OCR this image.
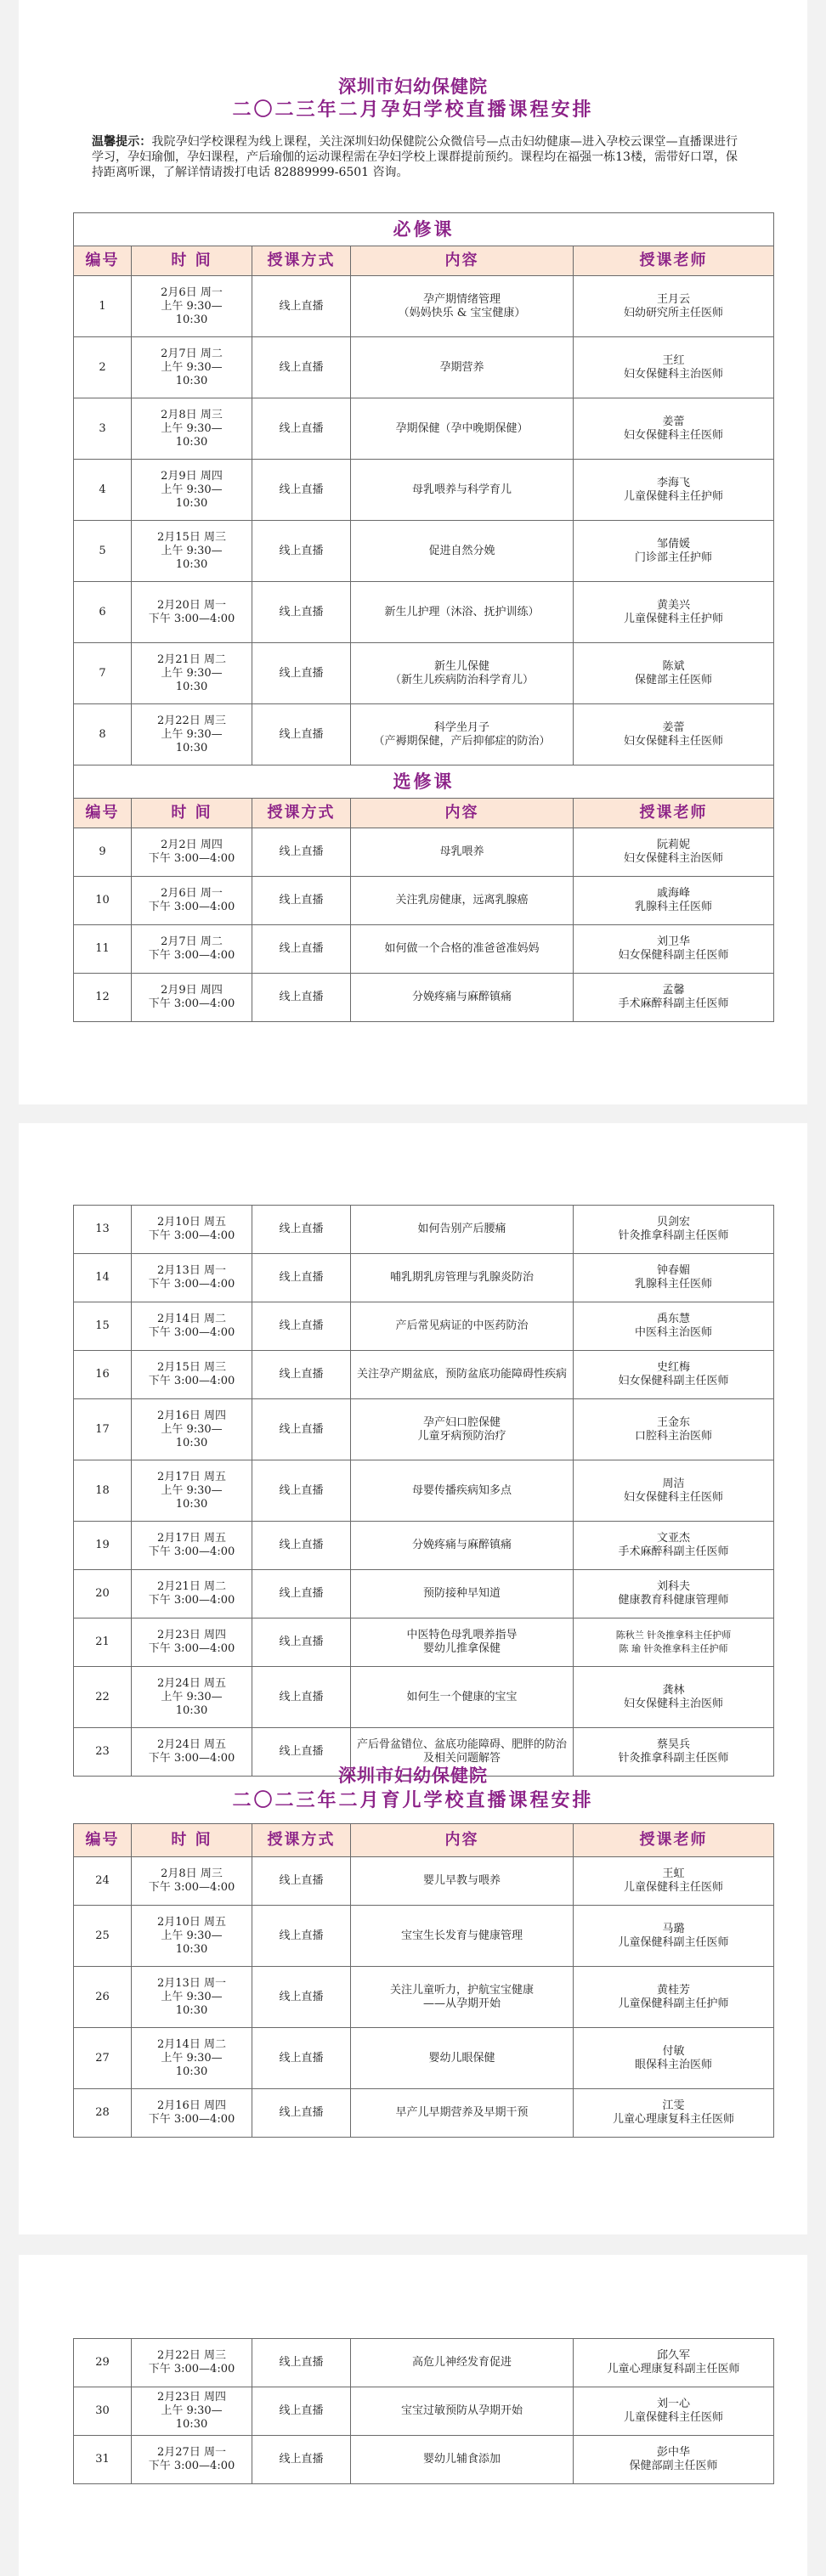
深圳市妇幼保健院
二〇二三年二月孕妇学校直播课程安排

温馨提示：我院孕妇学校课程为线上课程，关注深圳妇幼保健院公众微信号—点击妇幼健康—进入孕校云课堂—直播课进行学习，孕妇瑜伽，孕妇课程，产后瑜伽的运动课程需在孕妇学校上课群提前预约。课程均在福强一栋13楼，需带好口罩，保持距离听课，了解详情请拨打电话 82889999-6501 咨询。

必修课				
编号	时 间	授课方式	内容	授课老师
1	2月6日 周一
上午 9:30—
10:30	线上直播	孕产期情绪管理
（妈妈快乐 & 宝宝健康）	王月云
妇幼研究所主任医师
2	2月7日 周二
上午 9:30—
10:30	线上直播	孕期营养	王红
妇女保健科主治医师
3	2月8日 周三
上午 9:30—
10:30	线上直播	孕期保健（孕中晚期保健）	姜蕾
妇女保健科主任医师
4	2月9日 周四
上午 9:30—
10:30	线上直播	母乳喂养与科学育儿	李海飞
儿童保健科主任护师
5	2月15日 周三
上午 9:30—
10:30	线上直播	促进自然分娩	邹倩媛
门诊部主任护师
6	2月20日 周一
下午 3:00—4:00	线上直播	新生儿护理（沐浴、抚护训练）	黄美兴
儿童保健科主任护师
7	2月21日 周二
上午 9:30—
10:30	线上直播	新生儿保健
（新生儿疾病防治科学育儿）	陈斌
保健部主任医师
8	2月22日 周三
上午 9:30—
10:30	线上直播	科学坐月子
（产褥期保健，产后抑郁症的防治）	姜蕾
妇女保健科主任医师
选修课				
编号	时 间	授课方式	内容	授课老师
9	2月2日 周四
下午 3:00—4:00	线上直播	母乳喂养	阮莉妮
妇女保健科主治医师
10	2月6日 周一
下午 3:00—4:00	线上直播	关注乳房健康，远离乳腺癌	戚海峰
乳腺科主任医师
11	2月7日 周二
下午 3:00—4:00	线上直播	如何做一个合格的准爸爸准妈妈	刘卫华
妇女保健科副主任医师
12	2月9日 周四
下午 3:00—4:00	线上直播	分娩疼痛与麻醉镇痛	孟馨
手术麻醉科副主任医师
13	2月10日 周五
下午 3:00—4:00	线上直播	如何告别产后腰痛	贝剑宏
针灸推拿科副主任医师
14	2月13日 周一
下午 3:00—4:00	线上直播	哺乳期乳房管理与乳腺炎防治	钟春媚
乳腺科主任医师
15	2月14日 周二
下午 3:00—4:00	线上直播	产后常见病证的中医药防治	禹东慧
中医科主治医师
16	2月15日 周三
下午 3:00—4:00	线上直播	关注孕产期盆底，预防盆底功能障碍性疾病	史红梅
妇女保健科副主任医师
17	2月16日 周四
上午 9:30—
10:30	线上直播	孕产妇口腔保健
儿童牙病预防治疗	王金东
口腔科主治医师
18	2月17日 周五
上午 9:30—
10:30	线上直播	母婴传播疾病知多点	周洁
妇女保健科主任医师
19	2月17日 周五
下午 3:00—4:00	线上直播	分娩疼痛与麻醉镇痛	文亚杰
手术麻醉科副主任医师
20	2月21日 周二
下午 3:00—4:00	线上直播	预防接种早知道	刘科夫
健康教育科健康管理师
21	2月23日 周四
下午 3:00—4:00	线上直播	中医特色母乳喂养指导
婴幼儿推拿保健	陈秋兰 针灸推拿科主任护师
陈 瑜 针灸推拿科主任护师
22	2月24日 周五
上午 9:30—
10:30	线上直播	如何生一个健康的宝宝	龚林
妇女保健科主治医师
23	2月24日 周五
下午 3:00—4:00	线上直播	产后骨盆错位、盆底功能障碍、肥胖的防治及相关问题解答	蔡昊兵
针灸推拿科副主任医师
深圳市妇幼保健院
二〇二三年二月育儿学校直播课程安排
编号	时 间	授课方式	内容	授课老师
24	2月8日 周三
下午 3:00—4:00	线上直播	婴儿早教与喂养	王虹
儿童保健科主任医师
25	2月10日 周五
上午 9:30—
10:30	线上直播	宝宝生长发育与健康管理	马璐
儿童保健科副主任医师
26	2月13日 周一
上午 9:30—
10:30	线上直播	关注儿童听力，护航宝宝健康
——从孕期开始	黄桂芳
儿童保健科副主任护师
27	2月14日 周二
上午 9:30—
10:30	线上直播	婴幼儿眼保健	付敏
眼保科主治医师
28	2月16日 周四
下午 3:00—4:00	线上直播	早产儿早期营养及早期干预	江雯
儿童心理康复科主任医师
29	2月22日 周三
下午 3:00—4:00	线上直播	高危儿神经发育促进	邱久军
儿童心理康复科副主任医师
30	2月23日 周四
上午 9:30—
10:30	线上直播	宝宝过敏预防从孕期开始	刘一心
儿童保健科主任医师
31	2月27日 周一
下午 3:00—4:00	线上直播	婴幼儿辅食添加	彭中华
保健部副主任医师
